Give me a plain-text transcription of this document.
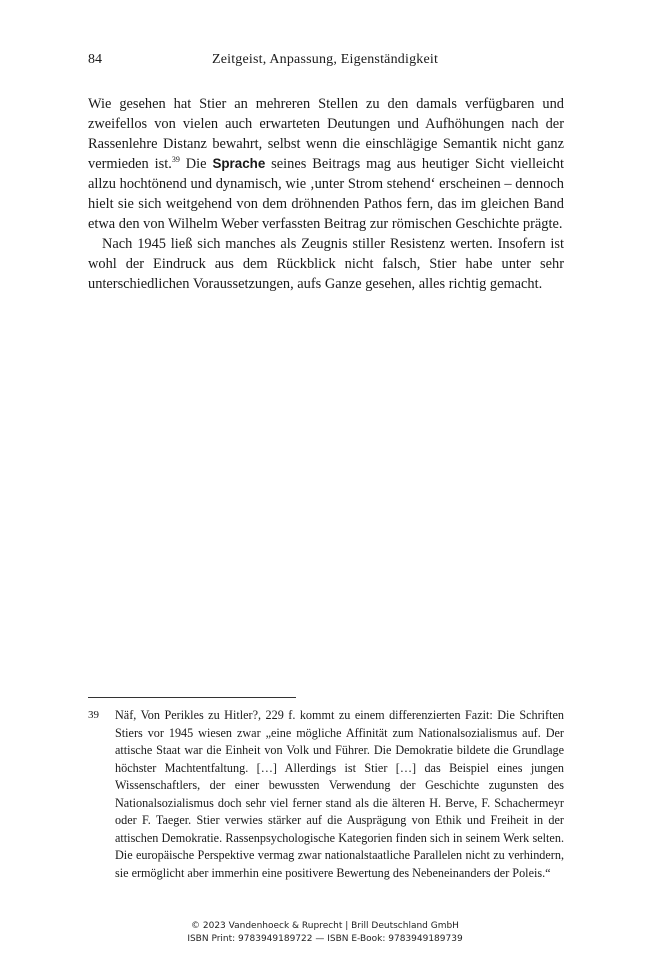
84	Zeitgeist, Anpassung, Eigenständigkeit

Wie gesehen hat Stier an mehreren Stellen zu den damals verfügbaren und zweifellos von vielen auch erwarteten Deutungen und Aufhöhungen nach der Rassenlehre Distanz bewahrt, selbst wenn die einschlägige Semantik nicht ganz vermieden ist.$^{39}$ Die Sprache seines Beitrags mag aus heutiger Sicht vielleicht allzu hochtönend und dynamisch, wie ‚unter Strom stehend‘ erscheinen – dennoch hielt sie sich weitgehend von dem dröhnenden Pathos fern, das im gleichen Band etwa den von Wilhelm Weber verfassten Beitrag zur römischen Geschichte prägte.

Nach 1945 ließ sich manches als Zeugnis stiller Resistenz werten. Insofern ist wohl der Eindruck aus dem Rückblick nicht falsch, Stier habe unter sehr unterschiedlichen Voraussetzungen, aufs Ganze gesehen, alles richtig gemacht.

39 Näf, Von Perikles zu Hitler?, 229 f. kommt zu einem differenzierten Fazit: Die Schriften Stiers vor 1945 wiesen zwar „eine mögliche Affinität zum Nationalsozialismus auf. Der attische Staat war die Einheit von Volk und Führer. Die Demokratie bildete die Grundlage höchster Machtentfaltung. […] Allerdings ist Stier […] das Beispiel eines jungen Wissenschaftlers, der einer bewussten Verwendung der Geschichte zugunsten des Nationalsozialismus doch sehr viel ferner stand als die älteren H. Berve, F. Schachermeyr oder F. Taeger. Stier verwies stärker auf die Ausprägung von Ethik und Freiheit in der attischen Demokratie. Rassenpsychologische Kategorien finden sich in seinem Werk selten. Die europäische Perspektive vermag zwar nationalstaatliche Parallelen nicht zu verhindern, sie ermöglicht aber immerhin eine positivere Bewertung des Nebeneinanders der Poleis.“
© 2023 Vandenhoeck & Ruprecht | Brill Deutschland GmbH
ISBN Print: 9783949189722 — ISBN E-Book: 9783949189739
